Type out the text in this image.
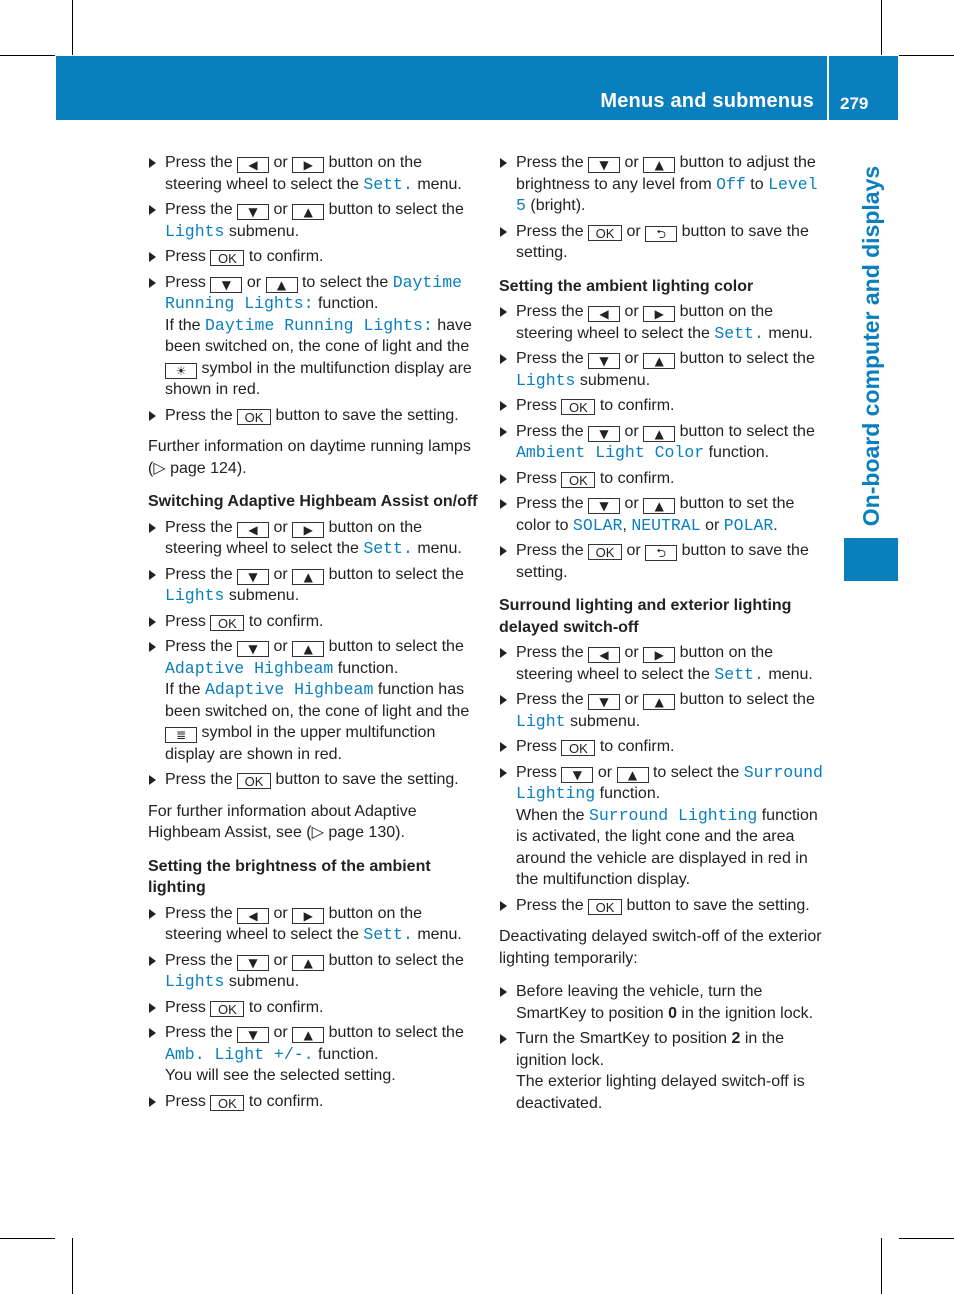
Menus and submenus 279
On-board computer and displays
Press the ◀ or ▶ button on the steering wheel to select the Sett. menu.
Press the ▼ or ▲ button to select the Lights submenu.
Press OK to confirm.
Press ▼ or ▲ to select the Daytime Running Lights: function.
If the Daytime Running Lights: have been switched on, the cone of light and the ☀ symbol in the multifunction display are shown in red.
Press the OK button to save the setting.
Further information on daytime running lamps (▷ page 124).
Switching Adaptive Highbeam Assist on/off
Press the ◀ or ▶ button on the steering wheel to select the Sett. menu.
Press the ▼ or ▲ button to select the Lights submenu.
Press OK to confirm.
Press the ▼ or ▲ button to select the Adaptive Highbeam function.
If the Adaptive Highbeam function has been switched on, the cone of light and the ≣ symbol in the upper multifunction display are shown in red.
Press the OK button to save the setting.
For further information about Adaptive Highbeam Assist, see (▷ page 130).
Setting the brightness of the ambient lighting
Press the ◀ or ▶ button on the steering wheel to select the Sett. menu.
Press the ▼ or ▲ button to select the Lights submenu.
Press OK to confirm.
Press the ▼ or ▲ button to select the Amb. Light +/-. function.
You will see the selected setting.
Press OK to confirm.
Press the ▼ or ▲ button to adjust the brightness to any level from Off to Level 5 (bright).
Press the OK or ⮌ button to save the setting.
Setting the ambient lighting color
Press the ◀ or ▶ button on the steering wheel to select the Sett. menu.
Press the ▼ or ▲ button to select the Lights submenu.
Press OK to confirm.
Press the ▼ or ▲ button to select the Ambient Light Color function.
Press OK to confirm.
Press the ▼ or ▲ button to set the color to SOLAR, NEUTRAL or POLAR.
Press the OK or ⮌ button to save the setting.
Surround lighting and exterior lighting delayed switch-off
Press the ◀ or ▶ button on the steering wheel to select the Sett. menu.
Press the ▼ or ▲ button to select the Light submenu.
Press OK to confirm.
Press ▼ or ▲ to select the Surround Lighting function.
When the Surround Lighting function is activated, the light cone and the area around the vehicle are displayed in red in the multifunction display.
Press the OK button to save the setting.
Deactivating delayed switch-off of the exterior lighting temporarily:
Before leaving the vehicle, turn the SmartKey to position 0 in the ignition lock.
Turn the SmartKey to position 2 in the ignition lock.
The exterior lighting delayed switch-off is deactivated.
